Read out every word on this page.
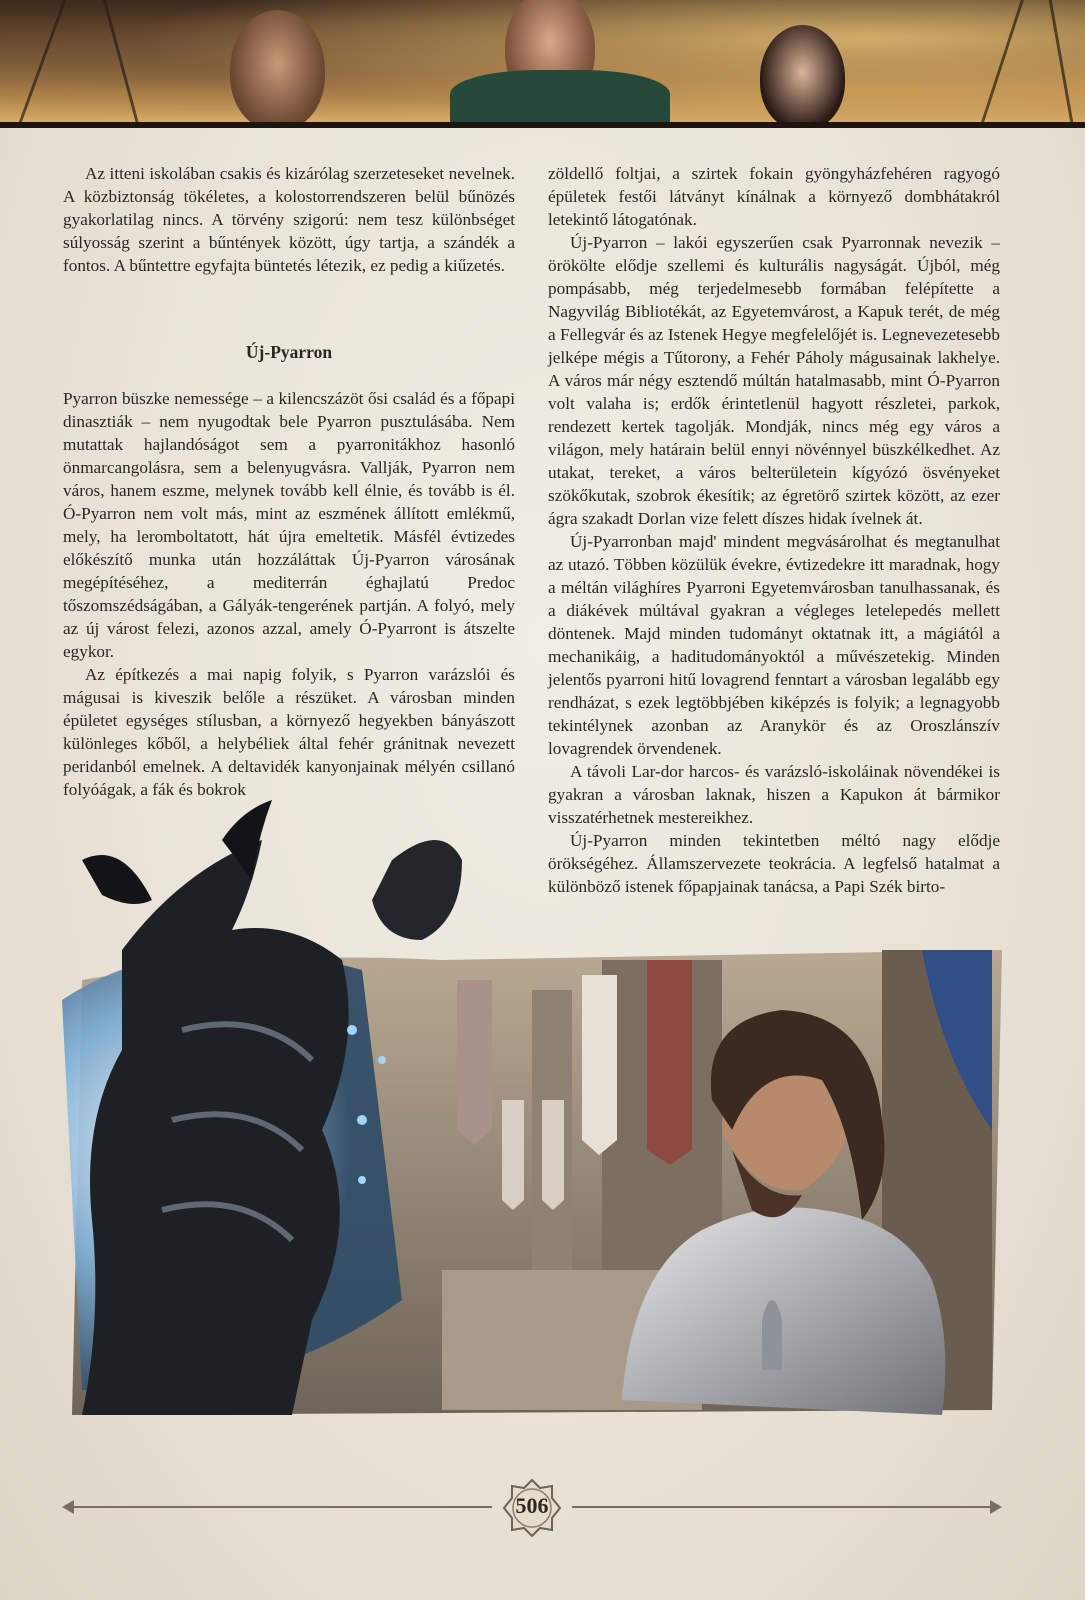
Az itteni iskolában csakis és kizárólag szerzeteseket nevelnek. A közbiztonság tökéletes, a kolostorrendszeren belül bűnözés gyakorlatilag nincs. A törvény szigorú: nem tesz különbséget súlyosság szerint a bűntények között, úgy tartja, a szándék a fontos. A bűntettre egyfajta büntetés létezik, ez pedig a kiűzetés.

Új-Pyarron

Pyarron büszke nemessége – a kilencszázöt ősi család és a főpapi dinasztiák – nem nyugodtak bele Pyarron pusztulásába. Nem mutattak hajlandóságot sem a pyarronitákhoz hasonló önmarcangolásra, sem a belenyugvásra. Vallják, Pyarron nem város, hanem eszme, melynek tovább kell élnie, és tovább is él. Ó-Pyarron nem volt más, mint az eszmének állított emlékmű, mely, ha leromboltatott, hát újra emeltetik. Másfél évtizedes előkészítő munka után hozzáláttak Új-Pyarron városának megépítéséhez, a mediterrán éghajlatú Predoc tőszomszédságában, a Gályák-tengerének partján. A folyó, mely az új várost felezi, azonos azzal, amely Ó-Pyarront is átszelte egykor.

Az építkezés a mai napig folyik, s Pyarron varázslói és mágusai is kiveszik belőle a részüket. A városban minden épületet egységes stílusban, a környező hegyekben bányászott különleges kőből, a helybéliek által fehér gránitnak nevezett peridanból emelnek. A deltavidék kanyonjainak mélyén csillanó folyóágak, a fák és bokrok

zöldellő foltjai, a szirtek fokain gyöngyházfehéren ragyogó épületek festői látványt kínálnak a környező dombhátakról letekintő látogatónak.

Új-Pyarron – lakói egyszerűen csak Pyarronnak nevezik – örökölte elődje szellemi és kulturális nagyságát. Újból, még pompásabb, még terjedelmesebb formában felépítette a Nagyvilág Bibliotékát, az Egyetemvárost, a Kapuk terét, de még a Fellegvár és az Istenek Hegye megfelelőjét is. Legnevezetesebb jelképe mégis a Tűtorony, a Fehér Páholy mágusainak lakhelye. A város már négy esztendő múltán hatalmasabb, mint Ó-Pyarron volt valaha is; erdők érintetlenül hagyott részletei, parkok, rendezett kertek tagolják. Mondják, nincs még egy város a világon, mely határain belül ennyi növénnyel büszkélkedhet. Az utakat, tereket, a város belterületein kígyózó ösvényeket szökőkutak, szobrok ékesítik; az égretörő szirtek között, az ezer ágra szakadt Dorlan vize felett díszes hidak ívelnek át.

Új-Pyarronban majd' mindent megvásárolhat és megtanulhat az utazó. Többen közülük évekre, évtizedekre itt maradnak, hogy a méltán világhíres Pyarroni Egyetemvárosban tanulhassanak, és a diákévek múltával gyakran a végleges letelepedés mellett döntenek. Majd minden tudományt oktatnak itt, a mágiától a mechanikáig, a haditudományoktól a művészetekig. Minden jelentős pyarroni hitű lovagrend fenntart a városban legalább egy rendházat, s ezek legtöbbjében kiképzés is folyik; a legnagyobb tekintélynek azonban az Aranykör és az Oroszlánszív lovagrendek örvendenek.

A távoli Lar-dor harcos- és varázsló-iskoláinak növendékei is gyakran a városban laknak, hiszen a Kapukon át bármikor visszatérhetnek mestereikhez.

Új-Pyarron minden tekintetben méltó nagy elődje örökségéhez. Államszervezete teokrácia. A legfelső hatalmat a különböző istenek főpapjainak tanácsa, a Papi Szék birto-

506
